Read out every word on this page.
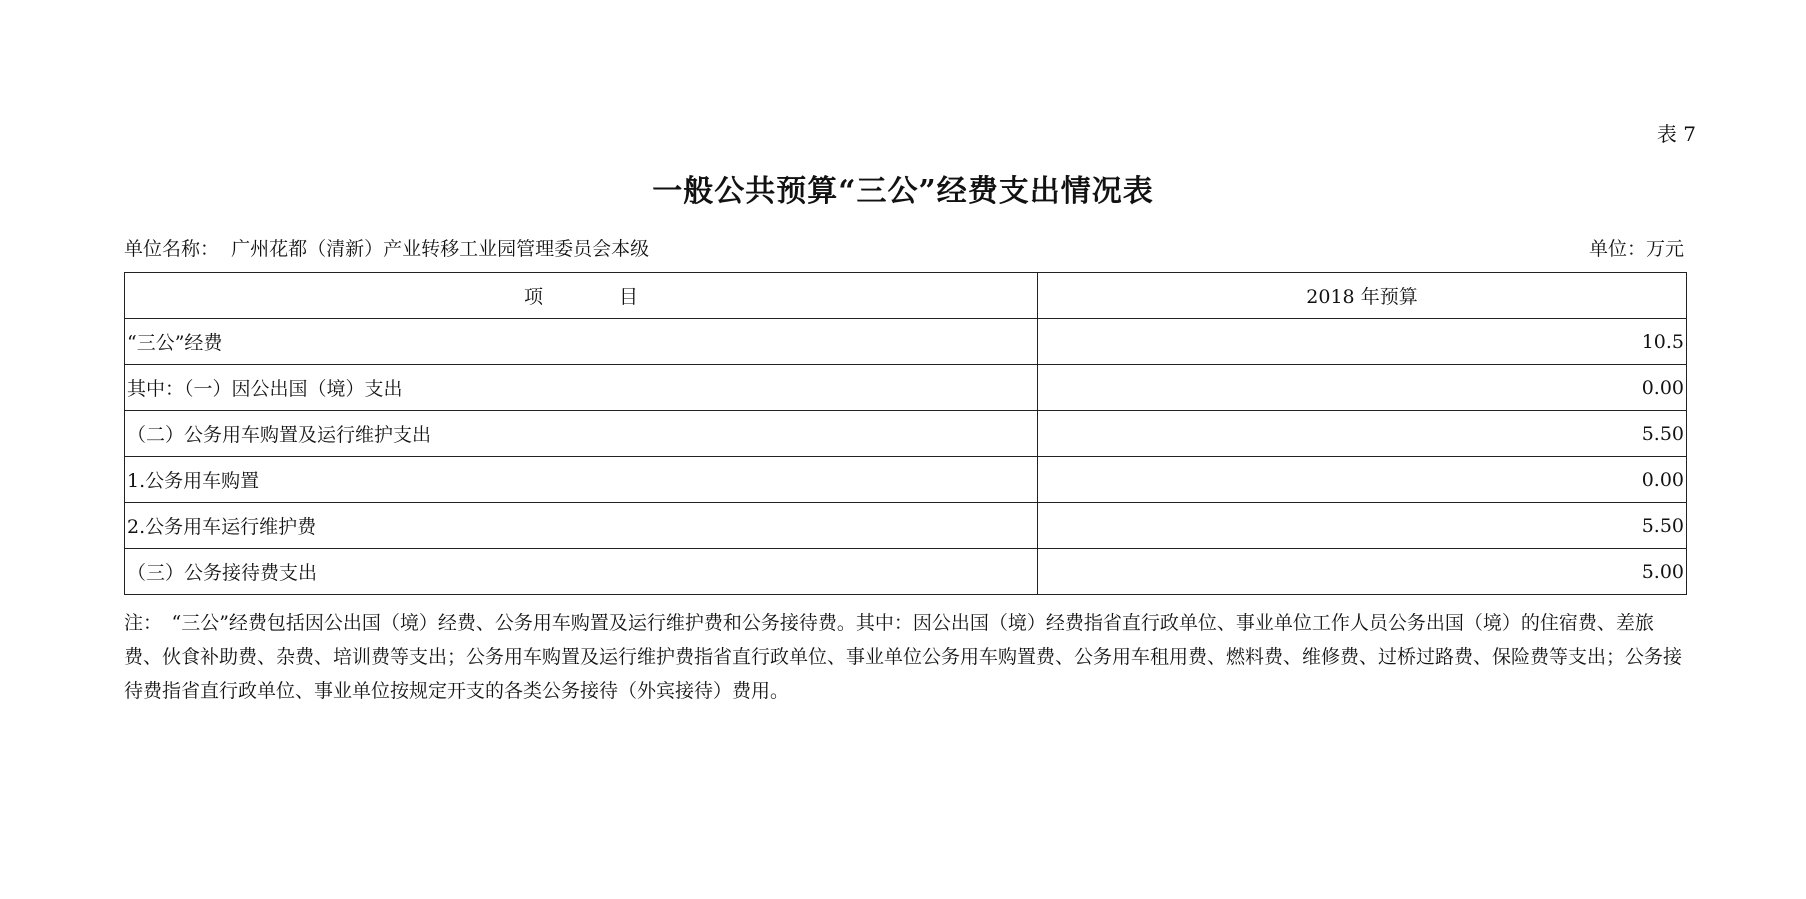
表 7
一般公共预算“三公”经费支出情况表
单位名称：  广州花都（清新）产业转移工业园管理委员会本级	单位：万元
项　　　　目	2018 年预算
“三公”经费	10.5
其中：（一）因公出国（境）支出	0.00
（二）公务用车购置及运行维护支出	5.50
1.公务用车购置	0.00
2.公务用车运行维护费	5.50
（三）公务接待费支出	5.00
注：　“三公”经费包括因公出国（境）经费、公务用车购置及运行维护费和公务接待费。其中：因公出国（境）经费指省直行政单位、事业单位工作人员公务出国（境）的住宿费、差旅费、伙食补助费、杂费、培训费等支出；公务用车购置及运行维护费指省直行政单位、事业单位公务用车购置费、公务用车租用费、燃料费、维修费、过桥过路费、保险费等支出；公务接待费指省直行政单位、事业单位按规定开支的各类公务接待（外宾接待）费用。
